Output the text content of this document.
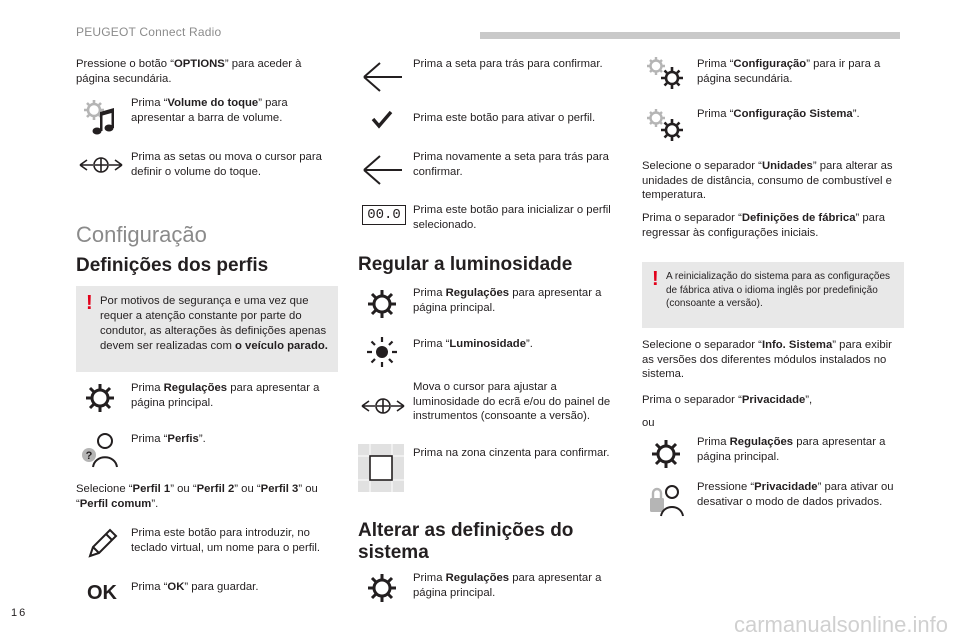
PEUGEOT Connect Radio
Pressione o botão “OPTIONS” para aceder à página secundária.
Prima “Volume do toque” para apresentar a barra de volume.
Prima as setas ou mova o cursor para definir o volume do toque.
Configuração
Definições dos perfis
! Por motivos de segurança e uma vez que requer a atenção constante por parte do condutor, as alterações às definições apenas devem ser realizadas com o veículo parado.
Prima Regulações para apresentar a página principal.
?
Prima “Perfis”.
Selecione “Perfil 1” ou “Perfil 2” ou “Perfil 3” ou “Perfil comum”.
Prima este botão para introduzir, no teclado virtual, um nome para o perfil.
OK Prima “OK” para guardar.
Prima a seta para trás para confirmar.
Prima este botão para ativar o perfil.
Prima novamente a seta para trás para confirmar.
00.0	Prima este botão para inicializar o perfil selecionado.
Regular a luminosidade
Prima Regulações para apresentar a página principal.
Prima “Luminosidade”.
Mova o cursor para ajustar a luminosidade do ecrã e/ou do painel de instrumentos (consoante a versão).
Prima na zona cinzenta para confirmar.
Alterar as definições do sistema
Prima Regulações para apresentar a página principal.
Prima “Configuração” para ir para a página secundária.
Prima “Configuração Sistema”.
Selecione o separador “Unidades” para alterar as unidades de distância, consumo de combustível e temperatura.
Prima o separador “Definições de fábrica” para regressar às configurações iniciais.
! A reinicialização do sistema para as configurações de fábrica ativa o idioma inglês por predefinição (consoante a versão).
Selecione o separador “Info. Sistema” para exibir as versões dos diferentes módulos instalados no sistema.
Prima o separador “Privacidade”,
ou
Prima Regulações para apresentar a página principal.
Pressione “Privacidade” para ativar ou desativar o modo de dados privados.
16	carmanualsonline.info
